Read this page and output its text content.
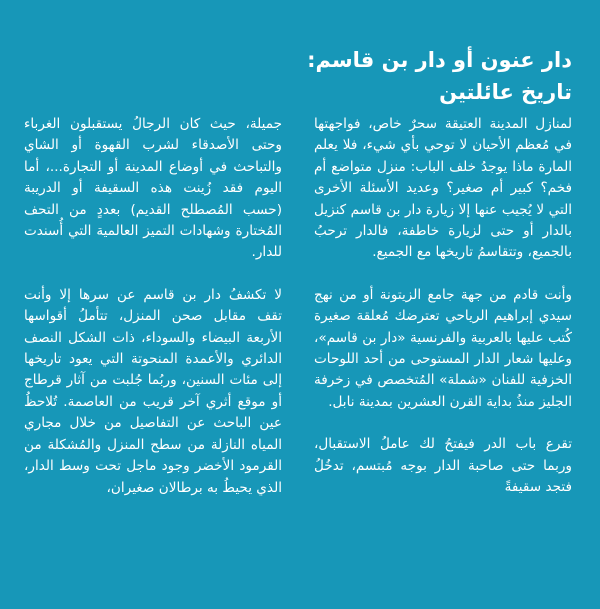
دار عنون أو دار بن قاسم:

تاريخ عائلتين

لمنازل المدينة العتيقة سحرٌ خاص، فواجهتها في مُعظم الأحيان لا توحي بأي شيء، فلا يعلم المارة ماذا يوجدُ خلف الباب: منزل متواضع أم فخم؟ كبير أم صغير؟ وعديد الأسئلة الأخرى التي لا يُجيب عنها إلا زيارة دار بن قاسم كنزيل بالدار أو حتى لزيارة خاطفة، فالدار ترحبُ بالجميع، وتتقاسمُ تاريخها مع الجميع.

وأنت قادم من جهة جامع الزيتونة أو من نهج سيدي إبراهيم الرياحي تعترضك مُعلقة صغيرة كُتب عليها بالعربية والفرنسية «دار بن قاسم»، وعليها شعار الدار المستوحى من أحد اللوحات الخزفية للفنان «شملة» المُتخصص في زخرفة الجليز منذُ بداية القرن العشرين بمدينة نابل.

تقرع باب الدر فيفتحُ لك عاملُ الاستقبال، وربما حتى صاحبة الدار بوجه مُبتسم، تدخُلُ فتجد سقيفةً

جميلة، حيث كان الرجالُ يستقبلون الغرباء وحتى الأصدقاء لشرب القهوة أو الشاي والتباحث في أوضاع المدينة أو التجارة...، أما اليوم فقد زُينت هذه السقيفة أو الدريبة (حسب المُصطلح القديم) بعددٍ من التحف المُختارة وشهادات التميز العالمية التي أُسندت للدار.

لا تكشفُ دار بن قاسم عن سرها إلا وأنت تقف مقابل صحن المنزل، تتأملُ أقواسها الأربعة البيضاء والسوداء، ذات الشكل النصف الدائري والأعمدة المنحوتة التي يعود تاريخها إلى مئات السنين، وربُما جُلبت من آثار قرطاج أو موقع أثري آخر قريب من العاصمة. تُلاحظُ عين الباحث عن التفاصيل من خلال مجاري المياه النازلة من سطح المنزل والمُشكلة من القرمود الأخضر وجود ماجل تحت وسط الدار، الذي يحيطُ به برطالان صغيران،
